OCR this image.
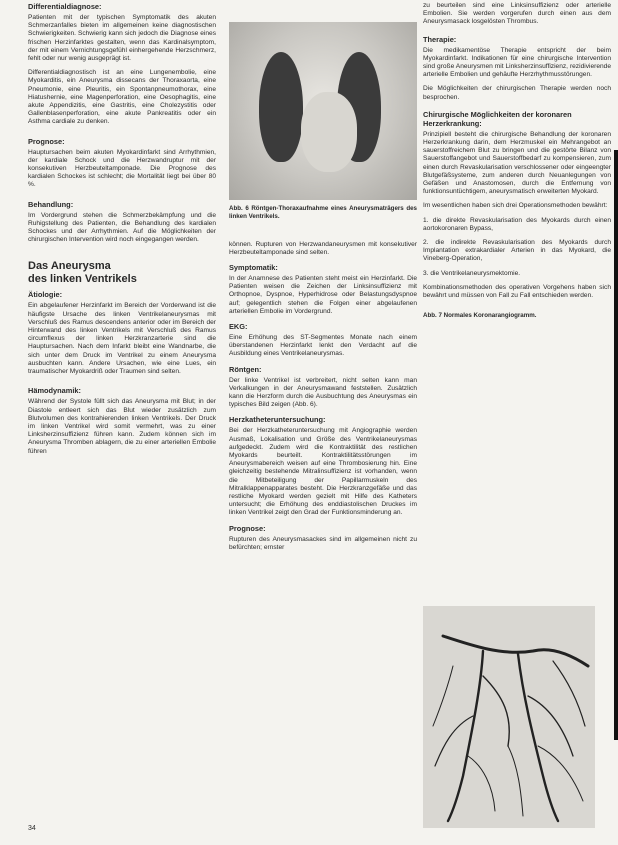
Differentialdiagnose:

Patienten mit der typischen Symptomatik des akuten Schmerzanfalles bieten im allgemeinen keine diagnostischen Schwierigkeiten. Schwierig kann sich jedoch die Diagnose eines frischen Herzinfarktes gestalten, wenn das Kardinalsymptom, der mit einem Vernichtungsgefühl einhergehende Herzschmerz, fehlt oder nur wenig ausgeprägt ist.

Differentialdiagnostisch ist an eine Lungenembolie, eine Myokarditis, ein Aneurysma dissecans der Thoraxaorta, eine Pneumonie, eine Pleuritis, ein Spontanpneumothorax, eine Hiatushernie, eine Magenperforation, eine Oesophagitis, eine akute Appendizitis, eine Gastritis, eine Cholezystitis oder Gallenblasenperforation, eine akute Pankreatitis oder ein Asthma cardiale zu denken.

Prognose:

Hauptursachen beim akuten Myokardinfarkt sind Arrhythmien, der kardiale Schock und die Herzwandruptur mit der konsekutiven Herzbeuteltamponade. Die Prognose des kardialen Schockes ist schlecht; die Mortalität liegt bei über 80 %.

Behandlung:

Im Vordergrund stehen die Schmerzbekämpfung und die Ruhigstellung des Patienten, die Behandlung des kardialen Schockes und der Arrhythmien. Auf die Möglichkeiten der chirurgischen Intervention wird noch eingegangen werden.

Das Aneurysma
des linken Ventrikels
Ätiologie:

Ein abgelaufener Herzinfarkt im Bereich der Vorderwand ist die häufigste Ursache des linken Ventrikelaneurysmas mit Verschluß des Ramus descendens anterior oder im Bereich der Hinterwand des linken Ventrikels mit Verschluß des Ramus circumflexus der linken Herzkranzarterie sind die Hauptursachen. Nach dem Infarkt bleibt eine Wandnarbe, die sich unter dem Druck im Ventrikel zu einem Aneurysma ausbuchten kann. Andere Ursachen, wie eine Lues, ein traumatischer Myokardriß oder Traumen sind selten.

Hämodynamik:

Während der Systole füllt sich das Aneurysma mit Blut; in der Diastole entleert sich das Blut wieder zusätzlich zum Blutvolumen des kontrahierenden linken Ventrikels. Der Druck im linken Ventrikel wird somit vermehrt, was zu einer Linksherzinsuffizienz führen kann. Zudem können sich im Aneurysma Thromben ablagern, die zu einer arteriellen Embolie führen

Abb. 6 Röntgen-Thoraxaufnahme eines Aneurysmaträgers des linken Ventrikels.

können. Rupturen von Herzwandaneurysmen mit konsekutiver Herzbeuteltamponade sind selten.

Symptomatik:

In der Anamnese des Patienten steht meist ein Herzinfarkt. Die Patienten weisen die Zeichen der Linksinsuffizienz mit Orthopnoe, Dyspnoe, Hyperhidrose oder Belastungsdyspnoe auf; gelegentlich stehen die Folgen einer abgelaufenen arteriellen Embolie im Vordergrund.

EKG:

Eine Erhöhung des ST-Segmentes Monate nach einem überstandenen Herzinfarkt lenkt den Verdacht auf die Ausbildung eines Ventrikelaneurysmas.

Röntgen:

Der linke Ventrikel ist verbreitert, nicht selten kann man Verkalkungen in der Aneurysmawand feststellen. Zusätzlich kann die Herzform durch die Ausbuchtung des Aneurysmas ein typisches Bild zeigen (Abb. 6).

Herzkatheteruntersuchung:

Bei der Herzkatheteruntersuchung mit Angiographie werden Ausmaß, Lokalisation und Größe des Ventrikelaneurysmas aufgedeckt. Zudem wird die Kontraktilität des restlichen Myokards beurteilt. Kontraktilitätsstörungen im Aneurysmabereich weisen auf eine Thrombosierung hin. Eine gleichzeitig bestehende Mitralinsuffizienz ist vorhanden, wenn die Mitbeteiligung der Papillarmuskeln des Mitralklappenapparates besteht. Die Herzkranzgefäße und das restliche Myokard werden gezielt mit Hilfe des Katheters untersucht; die Erhöhung des enddiastolischen Druckes im linken Ventrikel zeigt den Grad der Funktionsminderung an.

Prognose:

Rupturen des Aneurysmasackes sind im allgemeinen nicht zu befürchten; ernster

zu beurteilen sind eine Linksinsuffizienz oder arterielle Embolien. Sie werden vorgerufen durch einen aus dem Aneurysmasack losgelösten Thrombus.

Therapie:

Die medikamentöse Therapie entspricht der beim Myokardinfarkt. Indikationen für eine chirurgische Intervention sind große Aneurysmen mit Linksherzinsuffizienz, rezidivierende arterielle Embolien und gehäufte Herzrhythmusstörungen.

Die Möglichkeiten der chirurgischen Therapie werden noch besprochen.

Chirurgische Möglichkeiten der koronaren Herzerkrankung:

Prinzipiell besteht die chirurgische Behandlung der koronaren Herzerkrankung darin, dem Herzmuskel ein Mehrangebot an sauerstoffreichem Blut zu bringen und die gestörte Bilanz von Sauerstoffangebot und Sauerstoffbedarf zu kompensieren, zum einen durch Revaskularisation verschlossener oder eingeengter Blutgefäßsysteme, zum anderen durch Neuanlegungen von Gefäßen und Anastomosen, durch die Entfernung von funktionsuntüchtigem, aneurysmatisch erweiterten Myokard.

Im wesentlichen haben sich drei Operationsmethoden bewährt:

1. die direkte Revaskularisation des Myokards durch einen aortokoronaren Bypass,

2. die indirekte Revaskularisation des Myokards durch Implantation extrakardialer Arterien in das Myokard, die Vineberg-Operation,

3. die Ventrikelaneurysmektomie.

Kombinationsmethoden des operativen Vorgehens haben sich bewährt und müssen von Fall zu Fall entschieden werden.

Abb. 7 Normales Koronarangiogramm.

34
